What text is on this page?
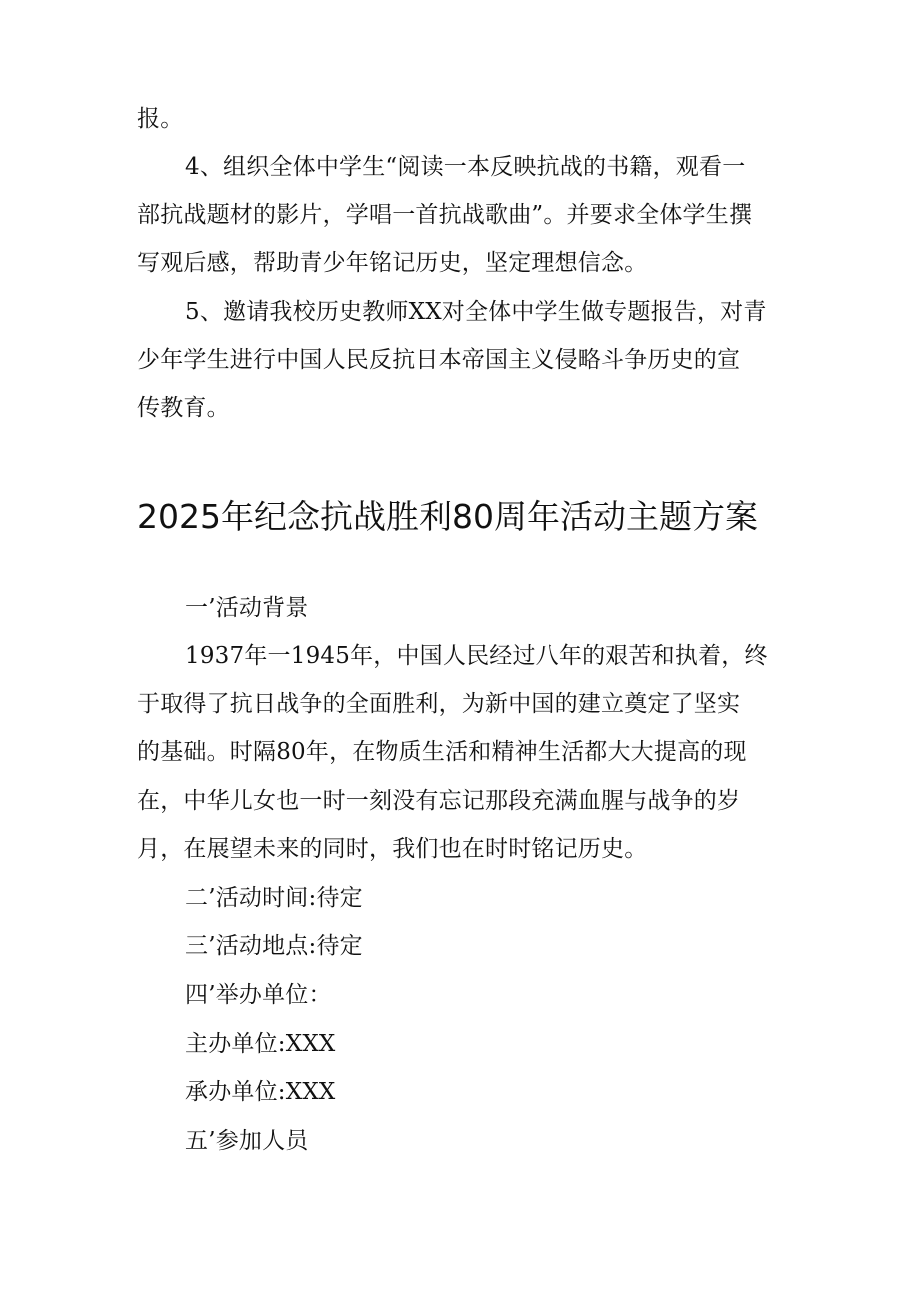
报。

4、组织全体中学生“阅读一本反映抗战的书籍，观看一

部抗战题材的影片，学唱一首抗战歌曲”。并要求全体学生撰

写观后感，帮助青少年铭记历史，坚定理想信念。

5、邀请我校历史教师XX对全体中学生做专题报告，对青

少年学生进行中国人民反抗日本帝国主义侵略斗争历史的宣

传教育。

2025年纪念抗战胜利80周年活动主题方案

一’活动背景

1937年一1945年，中国人民经过八年的艰苦和执着，终

于取得了抗日战争的全面胜利，为新中国的建立奠定了坚实

的基础。时隔80年，在物质生活和精神生活都大大提高的现

在，中华儿女也一时一刻没有忘记那段充满血腥与战争的岁

月，在展望未来的同时，我们也在时时铭记历史。

二’活动时间:待定

三’活动地点:待定

四’举办单位：

主办单位:XXX

承办单位:XXX

五’参加人员
